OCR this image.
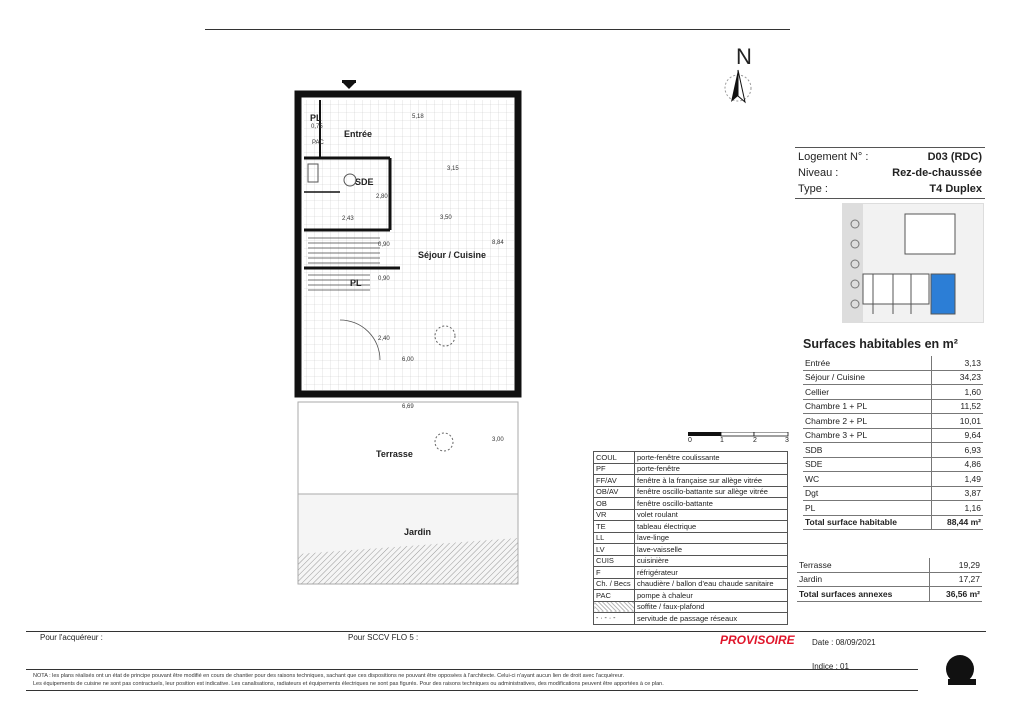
N
PL
0,75
PAC
Entrée
SDE
Séjour / Cuisine
PL
Terrasse
Jardin
5,18
3,15
3,50
6,00
6,69
8,84
3,00
2,43
0,90
0,90
2,40
2,80
Logement N° :	D03 (RDC)
Niveau :	Rez-de-chaussée
Type :	T4 Duplex
Surfaces habitables en m²
Entrée	3,13
Séjour / Cuisine	34,23
Cellier	1,60
Chambre 1 + PL	11,52
Chambre 2 + PL	10,01
Chambre 3 + PL	9,64
SDB	6,93
SDE	4,86
WC	1,49
Dgt	3,87
PL	1,16
Total surface habitable	88,44 m²
Terrasse	19,29
Jardin	17,27
Total surfaces annexes	36,56 m²
0	1	2	3
COUL	porte-fenêtre coulissante
PF	porte-fenêtre
FF/AV	fenêtre à la française sur allège vitrée
OB/AV	fenêtre oscillo-battante sur allège vitrée
OB	fenêtre oscillo-battante
VR	volet roulant
TE	tableau électrique
LL	lave-linge
LV	lave-vaisselle
CUIS	cuisinière
F	réfrigérateur
Ch. / Becs	chaudière / ballon d'eau chaude sanitaire
PAC	pompe à chaleur
	soffite / faux-plafond
- · - · -	servitude de passage réseaux
Pour l'acquéreur :	Pour SCCV FLO 5 :	PROVISOIRE Date : 08/09/2021
Indice : 01
NOTA : les plans réalisés ont un état de principe pouvant être modifié en cours de chantier pour des raisons techniques, sachant que ces dispositions ne pouvant être opposées à l'architecte. Celui-ci n'ayant aucun lien de droit avec l'acquéreur.
Les équipements de cuisine ne sont pas contractuels, leur position est indicative. Les canalisations, radiateurs et équipements électriques ne sont pas figurés. Pour des raisons techniques ou administratives, des modifications peuvent être apportées à ce plan.
